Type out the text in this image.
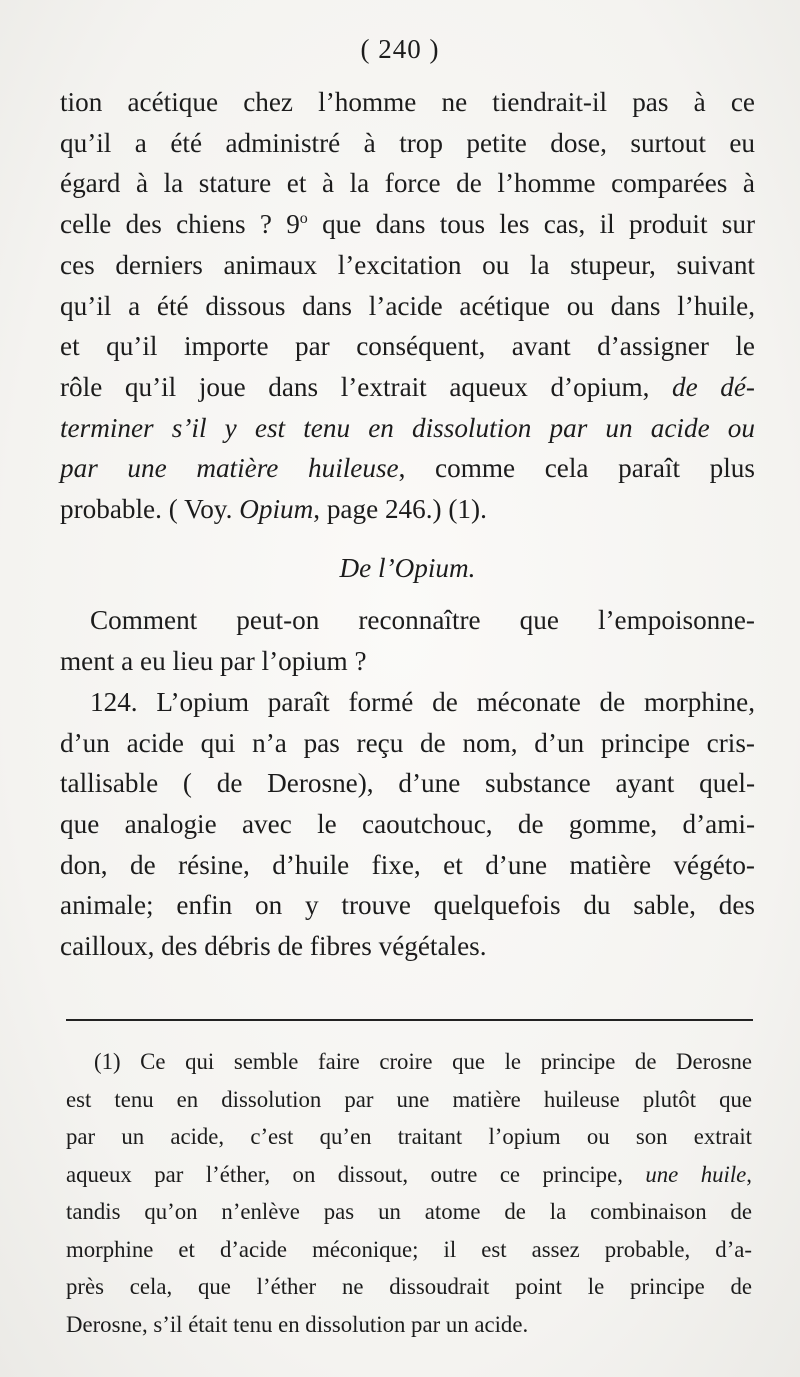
( 240 )
tion acétique chez l’homme ne tiendrait-il pas à ce
qu’il a été administré à trop petite dose, surtout eu
égard à la stature et à la force de l’homme comparées à
celle des chiens ? 9$^o$ que dans tous les cas, il produit sur
ces derniers animaux l’excitation ou la stupeur, suivant
qu’il a été dissous dans l’acide acétique ou dans l’huile,
et qu’il importe par conséquent, avant d’assigner le
rôle qu’il joue dans l’extrait aqueux d’opium, de dé-
terminer s’il y est tenu en dissolution par un acide ou
par une matière huileuse, comme cela paraît plus
probable. ( Voy. Opium, page 246.) (1).
De l’Opium.
Comment peut-on reconnaître que l’empoisonne-
ment a eu lieu par l’opium ?
124. L’opium paraît formé de méconate de morphine,
d’un acide qui n’a pas reçu de nom, d’un principe cris-
tallisable ( de Derosne), d’une substance ayant quel-
que analogie avec le caoutchouc, de gomme, d’ami-
don, de résine, d’huile fixe, et d’une matière végéto-
animale; enfin on y trouve quelquefois du sable, des
cailloux, des débris de fibres végétales.
(1) Ce qui semble faire croire que le principe de Derosne
est tenu en dissolution par une matière huileuse plutôt que
par un acide, c’est qu’en traitant l’opium ou son extrait
aqueux par l’éther, on dissout, outre ce principe, une huile,
tandis qu’on n’enlève pas un atome de la combinaison de
morphine et d’acide méconique; il est assez probable, d’a-
près cela, que l’éther ne dissoudrait point le principe de
Derosne, s’il était tenu en dissolution par un acide.
